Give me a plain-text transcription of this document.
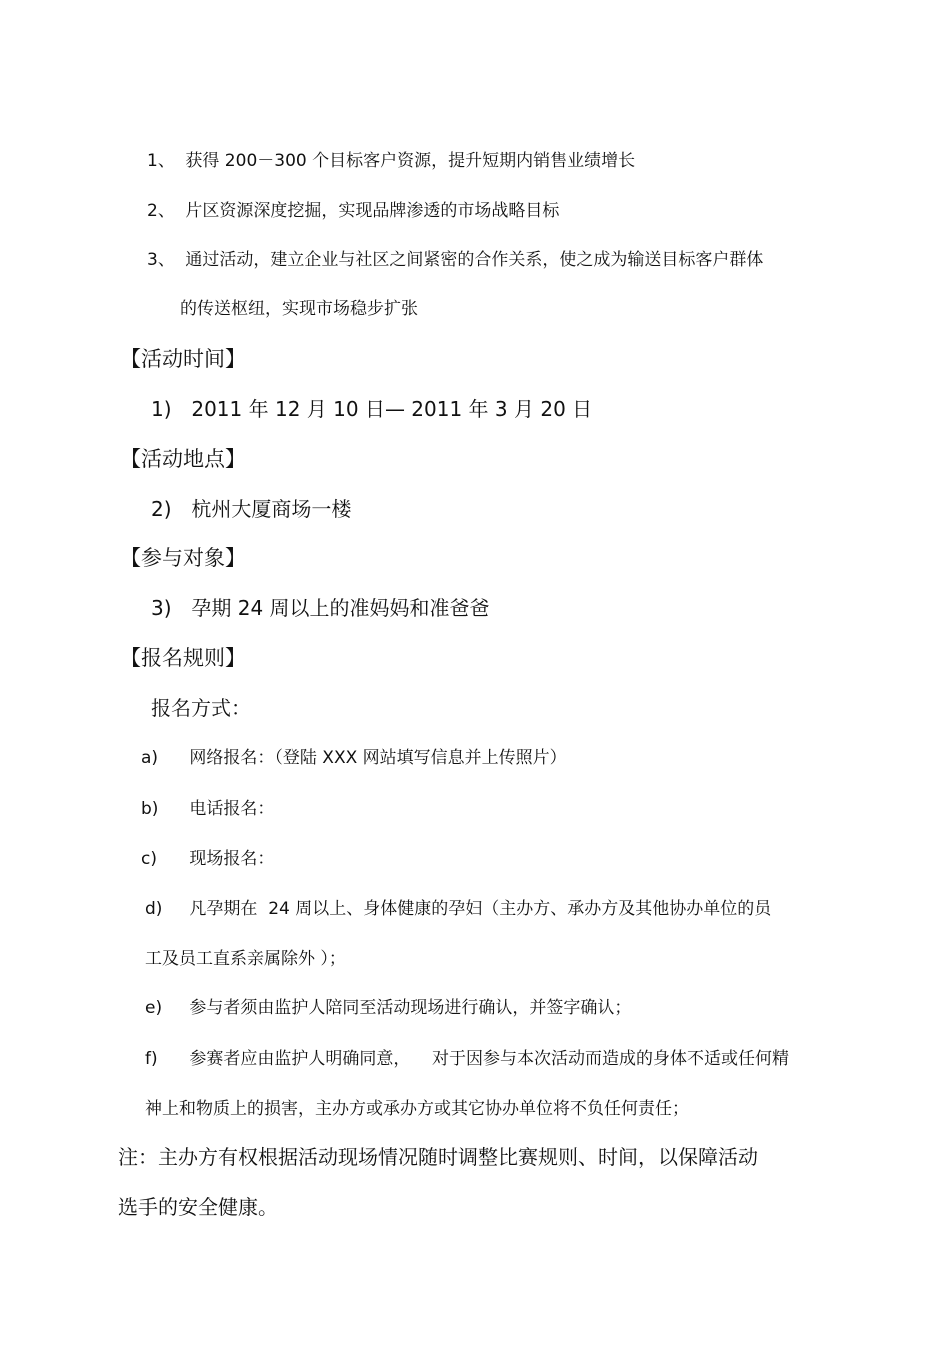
1、 获得 200－300 个目标客户资源，提升短期内销售业绩增长
2、 片区资源深度挖掘，实现品牌渗透的市场战略目标
3、 通过活动，建立企业与社区之间紧密的合作关系，使之成为输送目标客户群体
的传送枢纽，实现市场稳步扩张
【活动时间】
1) 2011 年 12 月 10 日— 2011 年 3 月 20 日
【活动地点】
2) 杭州大厦商场一楼
【参与对象】
3) 孕期 24 周以上的准妈妈和准爸爸
【报名规则】
报名方式：
a) 网络报名：（登陆 XXX 网站填写信息并上传照片）
b) 电话报名：
c) 现场报名：
d) 凡孕期在  24 周以上、身体健康的孕妇（主办方、承办方及其他协办单位的员
工及员工直系亲属除外 ）；
e) 参与者须由监护人陪同至活动现场进行确认，并签字确认；
f) 参赛者应由监护人明确同意，    对于因参与本次活动而造成的身体不适或任何精
神上和物质上的损害，主办方或承办方或其它协办单位将不负任何责任；
注：主办方有权根据活动现场情况随时调整比赛规则、时间，以保障活动
选手的安全健康。
